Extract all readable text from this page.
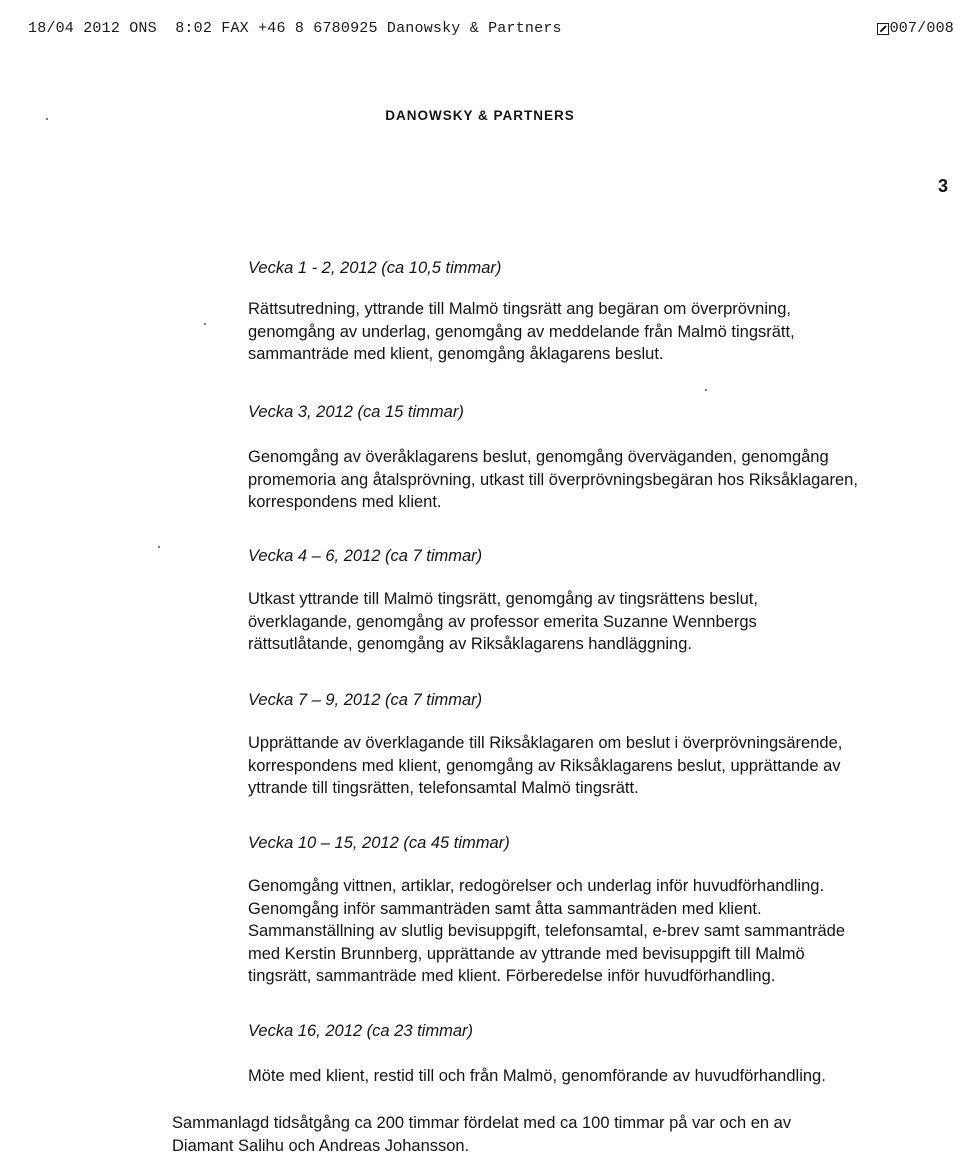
18/04 2012 ONS 8:02 FAX +46 8 6780925 Danowsky & Partners

	007/008

DANOWSKY & PARTNERS
3

Vecka 1 - 2, 2012 (ca 10,5 timmar)

Rättsutredning, yttrande till Malmö tingsrätt ang begäran om överprövning,
genomgång av underlag, genomgång av meddelande från Malmö tingsrätt,
sammanträde med klient, genomgång åklagarens beslut.

Vecka 3, 2012 (ca 15 timmar)

Genomgång av överåklagarens beslut, genomgång överväganden, genomgång
promemoria ang åtalsprövning, utkast till överprövningsbegäran hos Riksåklagaren,
korrespondens med klient.

Vecka 4 – 6, 2012 (ca 7 timmar)

Utkast yttrande till Malmö tingsrätt, genomgång av tingsrättens beslut,
överklagande, genomgång av professor emerita Suzanne Wennbergs
rättsutlåtande, genomgång av Riksåklagarens handläggning.

Vecka 7 – 9, 2012 (ca 7 timmar)

Upprättande av överklagande till Riksåklagaren om beslut i överprövningsärende,
korrespondens med klient, genomgång av Riksåklagarens beslut, upprättande av
yttrande till tingsrätten, telefonsamtal Malmö tingsrätt.

Vecka 10 – 15, 2012 (ca 45 timmar)

Genomgång vittnen, artiklar, redogörelser och underlag inför huvudförhandling.
Genomgång inför sammanträden samt åtta sammanträden med klient.
Sammanställning av slutlig bevisuppgift, telefonsamtal, e-brev samt sammanträde
med Kerstin Brunnberg, upprättande av yttrande med bevisuppgift till Malmö
tingsrätt, sammanträde med klient. Förberedelse inför huvudförhandling.

Vecka 16, 2012 (ca 23 timmar)

Möte med klient, restid till och från Malmö, genomförande av huvudförhandling.

Sammanlagd tidsåtgång ca 200 timmar fördelat med ca 100 timmar på var och en av
Diamant Salihu och Andreas Johansson.
